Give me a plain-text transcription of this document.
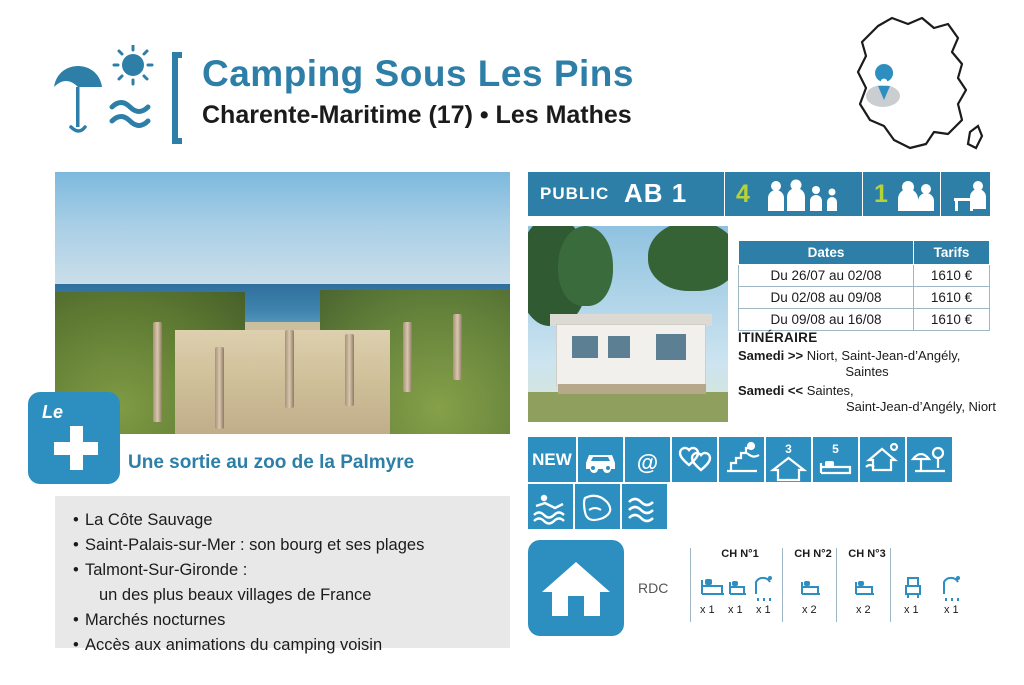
Camping Sous Les Pins
Charente-Maritime (17) • Les Mathes
PUBLIC AB 1 4	1
Le
Une sortie au zoo de la Palmyre
• La Côte Sauvage
• Saint-Palais-sur-Mer : son bourg et ses plages
• Talmont-Sur-Gironde :
un des plus beaux villages de France
• Marchés nocturnes
• Accès aux animations du camping voisin
Dates	Tarifs
Du 26/07 au 02/08	1610 €
Du 02/08 au 09/08	1610 €
Du 09/08 au 16/08	1610 €
ITINÉRAIRE
Samedi >> Niort, Saint-Jean-d’Angély,
Saintes
Samedi << Saintes,
Saint-Jean-d’Angély, Niort
NEW	@
3	5
RDC
CH N°1
x 1 x 1 x 1
CH N°2
x 2
CH N°3
x 2
	x 1 x 1
